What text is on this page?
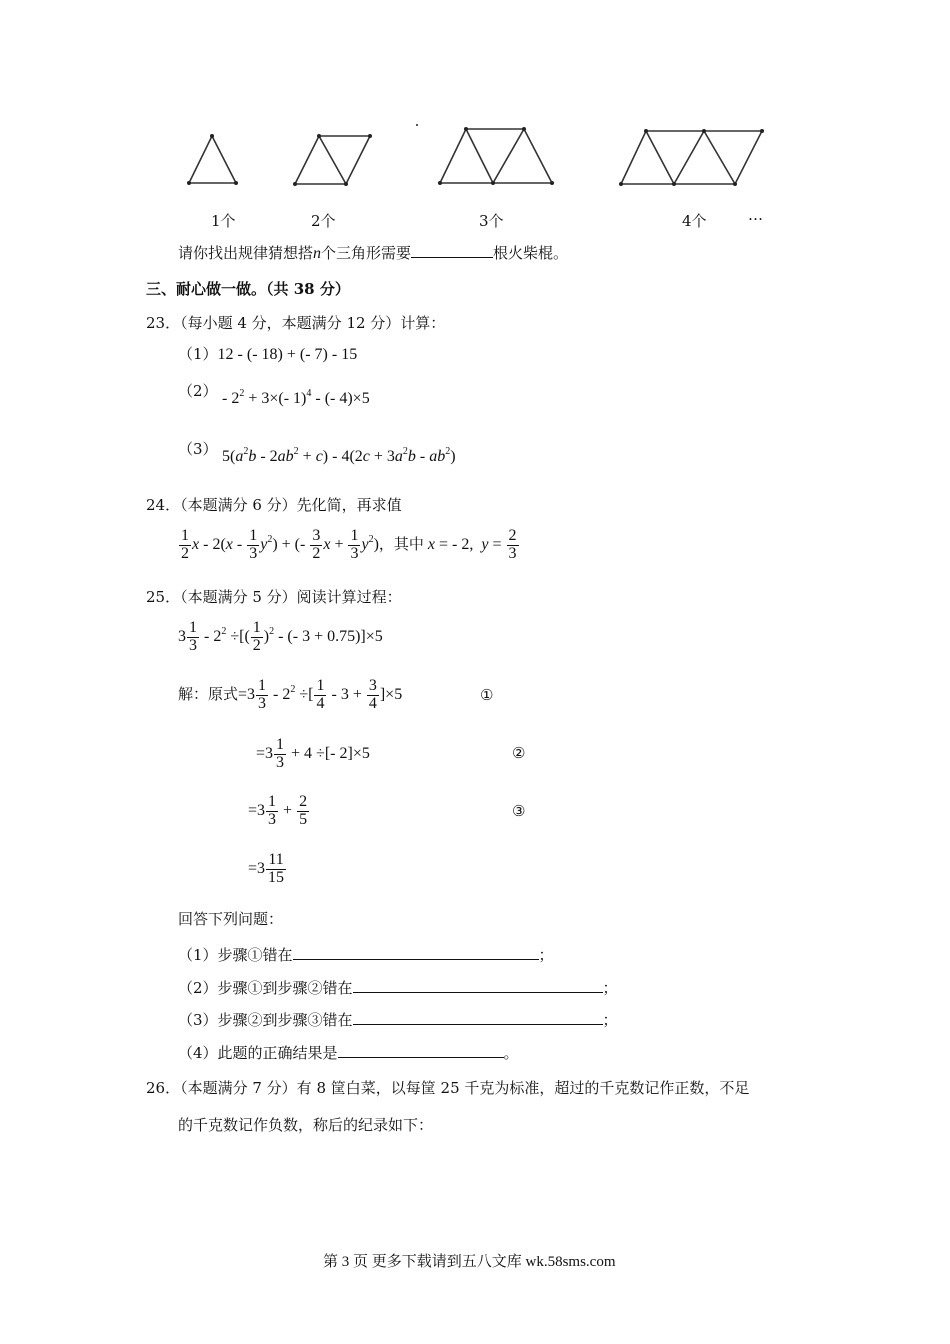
1个	2个	3个	4个	…
请你找出规律猜想搭n个三角形需要	根火柴棍。
三、耐心做一做。（共 38 分）
23．（每小题 4 分，本题满分 12 分）计算：
（1）12 - (- 18) + (- 7) - 15
$(2) - 2^2 + 3\times(-$ 1)$^4$ - (- 4)×5
（3） $5(a^2b - 2ab^2 + c) - 4(2c + 3a^2b - ab^2)$
24．（本题满分 6 分）先化简，再求值
$\frac{1}{2}$ x - $2(x - \frac{1}{3} y^2)$ + (- $\frac{3}{2}$ $x + \frac{1}{3} y^2$)，其中 x = - 2,  $y = \frac{2}{3}$
25．（本题满分 5 分）阅读计算过程：
$3 \frac{1}{3} - 2^2$ ÷[( $\frac{1}{2} )^2$ - (- 3 + 0.75)]×5
解：原式$=3 \frac{1}{3} - 2^2$ ÷[ $\frac{1}{4} - 3 + \frac{3}{4} ]\times 5$	①
$=3 \frac{1}{3} + 4$ ÷[- 2]×5	②
$=3 \frac{1}{3} + \frac{2}{5}$	③
$=3 \frac{11}{15}$
回答下列问题：
（1）步骤①错在	；
（2）步骤①到步骤②错在	；
（3）步骤②到步骤③错在	；
（4）此题的正确结果是	。
26．（本题满分 7 分）有 8 筐白菜，以每筐 25 千克为标准，超过的千克数记作正数，不足
的千克数记作负数，称后的纪录如下：
第 3 页 更多下载请到五八文库 wk.58sms.com
